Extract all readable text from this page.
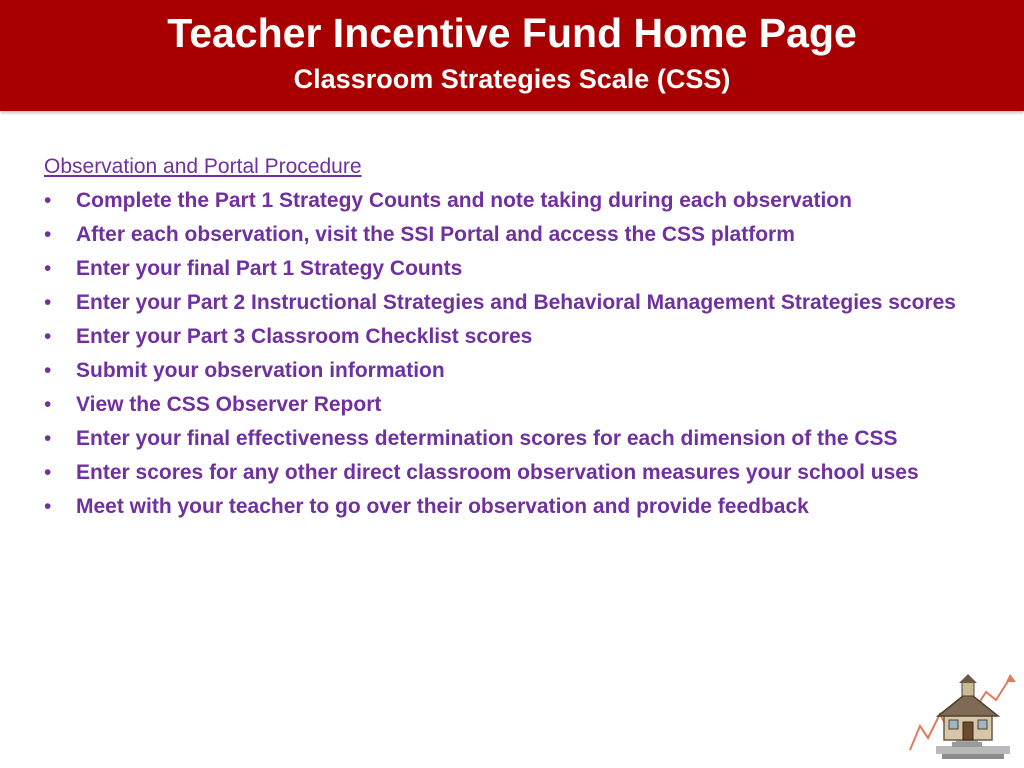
Teacher Incentive Fund Home Page
Classroom Strategies Scale (CSS)
Observation and Portal Procedure
• Complete the Part 1 Strategy Counts and note taking during each observation
• After each observation, visit the SSI Portal and access the CSS platform
• Enter your final Part 1 Strategy Counts
• Enter your Part 2 Instructional Strategies and Behavioral Management Strategies scores
• Enter your Part 3 Classroom Checklist scores
• Submit your observation information
• View the CSS Observer Report
• Enter your final effectiveness determination scores for each dimension of the CSS
• Enter scores for any other direct classroom observation measures your school uses
• Meet with your teacher to go over their observation and provide feedback
